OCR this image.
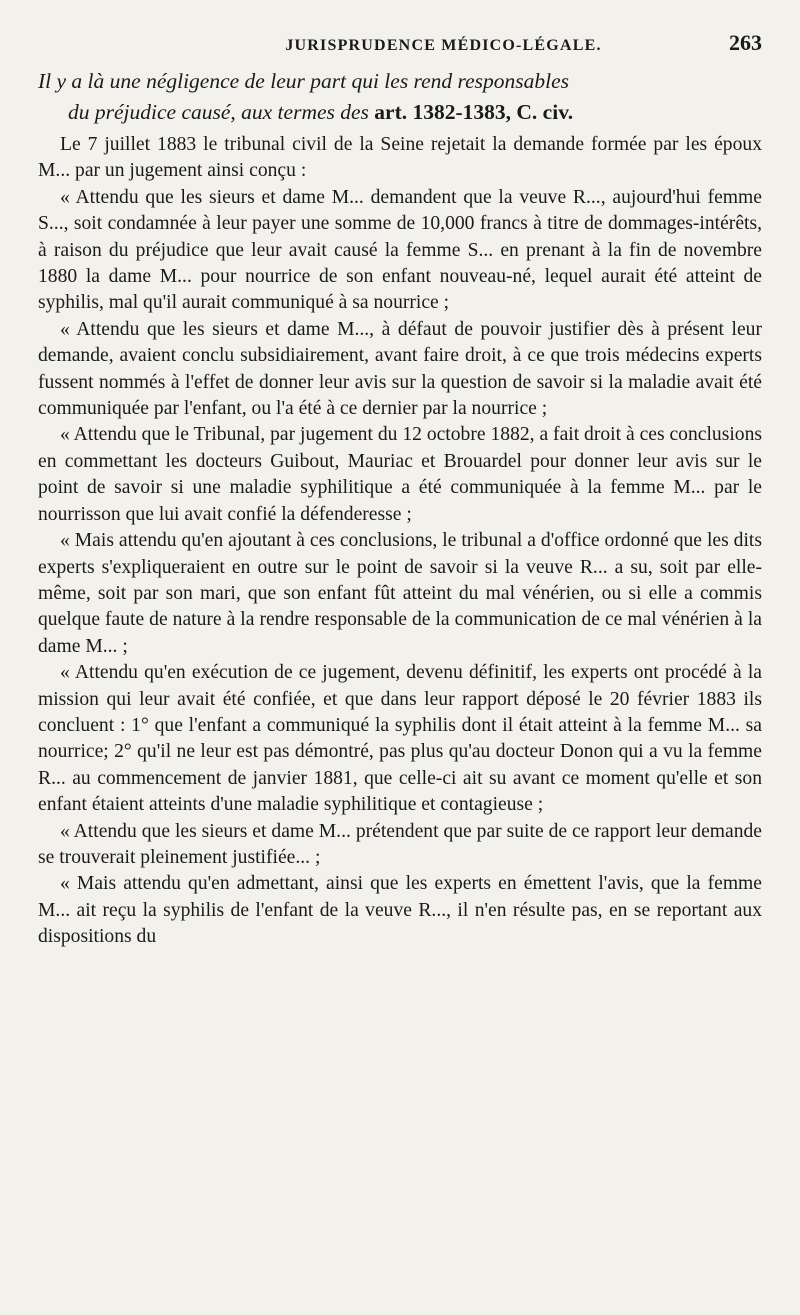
JURISPRUDENCE MÉDICO-LÉGALE.	263
Il y a là une négligence de leur part qui les rend responsables
du préjudice causé, aux termes des art. 1382-1383, C. civ.

Le 7 juillet 1883 le tribunal civil de la Seine rejetait la demande formée par les époux M... par un jugement ainsi conçu :

« Attendu que les sieurs et dame M... demandent que la veuve R..., aujourd'hui femme S..., soit condamnée à leur payer une somme de 10,000 francs à titre de dommages-intérêts, à raison du préjudice que leur avait causé la femme S... en prenant à la fin de novembre 1880 la dame M... pour nourrice de son enfant nouveau-né, lequel aurait été atteint de syphilis, mal qu'il aurait communiqué à sa nourrice ;

« Attendu que les sieurs et dame M..., à défaut de pouvoir justifier dès à présent leur demande, avaient conclu subsidiairement, avant faire droit, à ce que trois médecins experts fussent nommés à l'effet de donner leur avis sur la question de savoir si la maladie avait été communiquée par l'enfant, ou l'a été à ce dernier par la nourrice ;

« Attendu que le Tribunal, par jugement du 12 octobre 1882, a fait droit à ces conclusions en commettant les docteurs Guibout, Mauriac et Brouardel pour donner leur avis sur le point de savoir si une maladie syphilitique a été communiquée à la femme M... par le nourrisson que lui avait confié la défenderesse ;

« Mais attendu qu'en ajoutant à ces conclusions, le tribunal a d'office ordonné que les dits experts s'expliqueraient en outre sur le point de savoir si la veuve R... a su, soit par elle-même, soit par son mari, que son enfant fût atteint du mal vénérien, ou si elle a commis quelque faute de nature à la rendre responsable de la communication de ce mal vénérien à la dame M... ;

« Attendu qu'en exécution de ce jugement, devenu définitif, les experts ont procédé à la mission qui leur avait été confiée, et que dans leur rapport déposé le 20 février 1883 ils concluent : 1° que l'enfant a communiqué la syphilis dont il était atteint à la femme M... sa nourrice; 2° qu'il ne leur est pas démontré, pas plus qu'au docteur Donon qui a vu la femme R... au commencement de janvier 1881, que celle-ci ait su avant ce moment qu'elle et son enfant étaient atteints d'une maladie syphilitique et contagieuse ;

« Attendu que les sieurs et dame M... prétendent que par suite de ce rapport leur demande se trouverait pleinement justifiée... ;

« Mais attendu qu'en admettant, ainsi que les experts en émettent l'avis, que la femme M... ait reçu la syphilis de l'enfant de la veuve R..., il n'en résulte pas, en se reportant aux dispositions du
